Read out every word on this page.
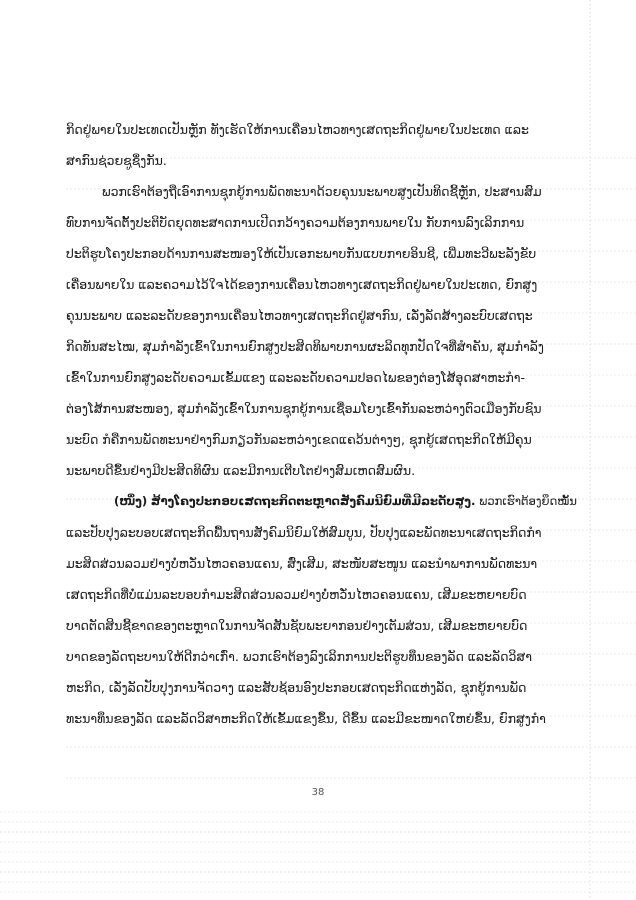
ກິດຢູ່ພາຍໃນປະເທດເປັນຫຼັກ ທັງເຮັດໃຫ້ການເຄື່ອນໄຫວທາງເສດຖະກິດຢູ່ພາຍໃນປະເທດ ແລະ
ສາກົນຊ່ວຍຊູຊຶ່ງກັນ.
ພວກເຮົາຕ້ອງຖືເອົາການຊຸກຍູ້ການພັດທະນາດ້ວຍຄຸນນະພາບສູງເປັນທິດຊີ້ຫຼັກ, ປະສານສົມ
ທົບການຈັດຕັ້ງປະຕິບັດຍຸດທະສາດການເປີດກວ້າງຄວາມຕ້ອງການພາຍໃນ ກັບການລົງເລິກການ
ປະຕິຮູບໂຄງປະກອບດ້ານການສະໜອງໃຫ້ເປັນເອກະພາບກັນແບບກາຍອິນຊີ, ເພີ່ມທະວີພະລັງຂັບ
ເຄື່ອນພາຍໃນ ແລະຄວາມໄວ້ໃຈໄດ້ຂອງການເຄື່ອນໄຫວທາງເສດຖະກິດຢູ່ພາຍໃນປະເທດ, ຍົກສູງ
ຄຸນນະພາບ ແລະລະດັບຂອງການເຄື່ອນໄຫວທາງເສດຖະກິດຢູ່ສາກົນ, ເລັ່ງລັດສ້າງລະບົບເສດຖະ
ກິດທັນສະໄໝ, ສຸມກຳລັງເຂົ້າໃນການຍົກສູງປະສິດທິພາບການຜະລິດທຸກປັດໃຈທີ່ສຳຄັນ, ສຸມກຳລັງ
ເຂົ້າໃນການຍົກສູງລະດັບຄວາມເຂັ້ມແຂງ ແລະລະດັບຄວາມປອດໄພຂອງຕ່ອງໂສ້ອຸດສາຫະກຳ-
ຕ່ອງໂສ້ການສະໜອງ, ສຸມກຳລັງເຂົ້າໃນການຊຸກຍູ້ການເຊື່ອມໂຍງເຂົ້າກັນລະຫວ່າງຕົວເມືອງກັບຊົນ
ນະບົດ ກໍຄືການພັດທະນາຢ່າງກົມກຽວກັນລະຫວ່າງເຂດແຄວ້ນຕ່າງໆ, ຊຸກຍູ້ເສດຖະກິດໃຫ້ມີຄຸນ
ນະພາບດີຂຶ້ນຢ່າງມີປະສິດທິຜົນ ແລະມີການເຕີບໂຕຢ່າງສົມເຫດສົມຜົນ.
(ໜຶ່ງ)
ສ້າງໂຄງປະກອບເສດຖະກິດຕະຫຼາດສັງຄົມນິຍົມທີ່ມີລະດັບສູງ.
ພວກເຮົາຕ້ອງຍຶດໝັ້ນ
ແລະປັບປຸງລະບອບເສດຖະກິດພື້ນຖານສັງຄົມນິຍົມໃຫ້ສົມບູນ, ປັບປຸງແລະພັດທະນາເສດຖະກິດກຳ
ມະສິດສ່ວນລວມຢ່າງບໍ່ຫວັ່ນໄຫວຄອນແຄນ, ສົ່ງເສີມ, ສະໜັບສະໜູນ ແລະນຳພາການພັດທະນາ
ເສດຖະກິດທີ່ບໍ່ແມ່ນລະບອບກຳມະສິດສ່ວນລວມຢ່າງບໍ່ຫວັ່ນໄຫວຄອນແຄນ, ເສີມຂະຫຍາຍບົດ
ບາດຕັດສິນຊີ້ຂາດຂອງຕະຫຼາດໃນການຈັດສັນຊັບພະຍາກອນຢ່າງເຕັມສ່ວນ, ເສີມຂະຫຍາຍບົດ
ບາດຂອງລັດຖະບານໃຫ້ດີກວ່າເກົ່າ. ພວກເຮົາຕ້ອງລົງເລິກການປະຕິຮູບທຶນຂອງລັດ ແລະລັດວິສາ
ຫະກິດ, ເລັ່ງລັດປັບປຸງການຈັດວາງ ແລະສັບຊ້ອນອົງປະກອບເສດຖະກິດແຫ່ງລັດ, ຊຸກຍູ້ການພັດ
ທະນາທຶນຂອງລັດ ແລະລັດວິສາຫະກິດໃຫ້ເຂັ້ມແຂງຂຶ້ນ, ດີຂຶ້ນ ແລະມີຂະໜາດໃຫຍ່ຂຶ້ນ, ຍົກສູງກຳ
38
